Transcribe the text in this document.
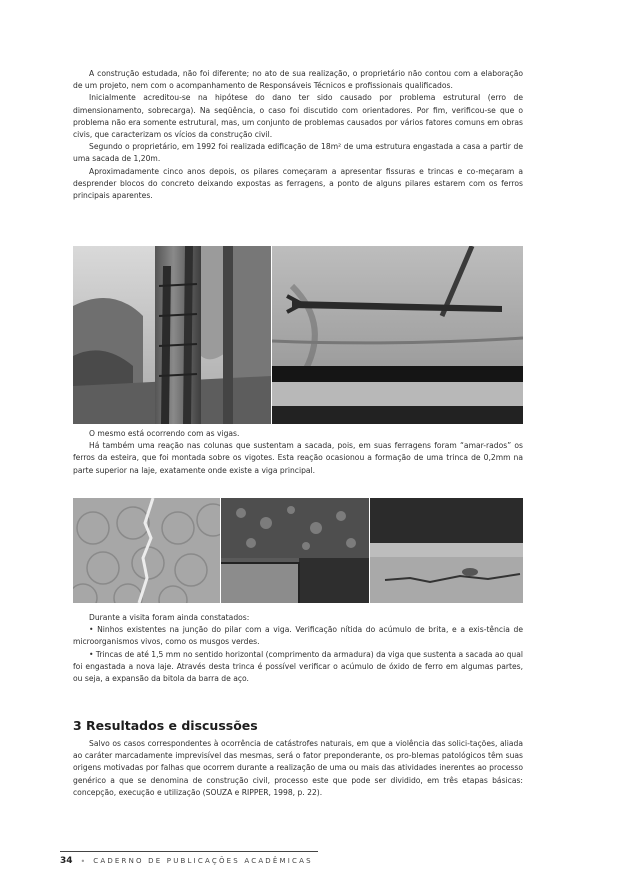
A construção estudada, não foi diferente; no ato de sua realização, o proprietário não contou com a elaboração de um projeto, nem com o acompanhamento de Responsáveis Técnicos e profissionais qualificados.

Inicialmente acreditou-se na hipótese do dano ter sido causado por problema estrutural (erro de dimensionamento, sobrecarga). Na seqüência, o caso foi discutido com orientadores. Por fim, verificou-se que o problema não era somente estrutural, mas, um conjunto de problemas causados por vários fatores comuns em obras civis, que caracterizam os vícios da construção civil.

Segundo o proprietário, em 1992 foi realizada edificação de 18m² de uma estrutura engastada a casa a partir de uma sacada de 1,20m.

Aproximadamente cinco anos depois, os pilares começaram a apresentar fissuras e trincas e co-meçaram a desprender blocos do concreto deixando expostas as ferragens, a ponto de alguns pilares estarem com os ferros principais aparentes.

O mesmo está ocorrendo com as vigas.

Há também uma reação nas colunas que sustentam a sacada, pois, em suas ferragens foram “amar-rados” os ferros da esteira, que foi montada sobre os vigotes. Esta reação ocasionou a formação de uma trinca de 0,2mm na parte superior na laje, exatamente onde existe a viga principal.

Durante a visita foram ainda constatados:

• Ninhos existentes na junção do pilar com a viga. Verificação nítida do acúmulo de brita, e a exis-tência de microorganismos vivos, como os musgos verdes.

• Trincas de até 1,5 mm no sentido horizontal (comprimento da armadura) da viga que sustenta a sacada ao qual foi engastada a nova laje. Através desta trinca é possível verificar o acúmulo de óxido de ferro em algumas partes, ou seja, a expansão da bitola da barra de aço.

3 Resultados e discussões

Salvo os casos correspondentes à ocorrência de catástrofes naturais, em que a violência das solici-tações, aliada ao caráter marcadamente imprevisível das mesmas, será o fator preponderante, os pro-blemas patológicos têm suas origens motivadas por falhas que ocorrem durante a realização de uma ou mais das atividades inerentes ao processo genérico a que se denomina de construção civil, processo este que pode ser dividido, em três etapas básicas: concepção, execução e utilização (SOUZA e RIPPER, 1998, p. 22).

34 • CADERNO DE PUBLICAÇÕES ACADÊMICAS
